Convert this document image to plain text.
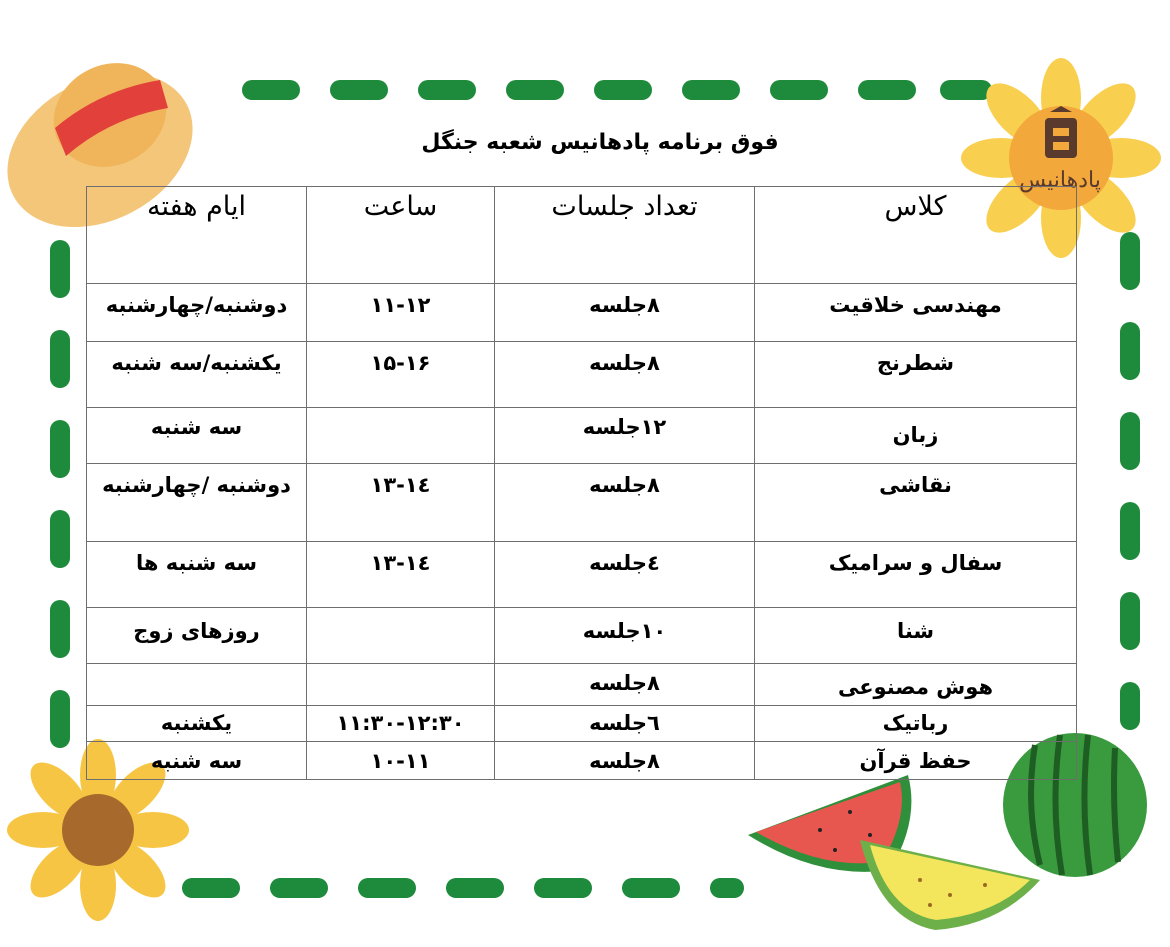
پادهانیس
فوق برنامه پادهانیس شعبه جنگل
کلاس	تعداد جلسات	ساعت	ایام هفته
مهندسی خلاقیت	۸جلسه	۱۱-۱۲	دوشنبه/چهارشنبه
شطرنج	۸جلسه	۱۵-۱۶	یکشنبه/سه شنبه
زبان	۱۲جلسه		سه شنبه
نقاشی	۸جلسه	۱۳-۱٤	دوشنبه /چهارشنبه
سفال و سرامیک	٤جلسه	۱۳-۱٤	سه شنبه ها
شنا	۱۰جلسه		روزهای زوج
هوش مصنوعی	۸جلسه		
رباتیک	٦جلسه	۱۱:۳۰-۱۲:۳۰	یکشنبه
حفظ قرآن	۸جلسه	۱۰-۱۱	سه شنبه
